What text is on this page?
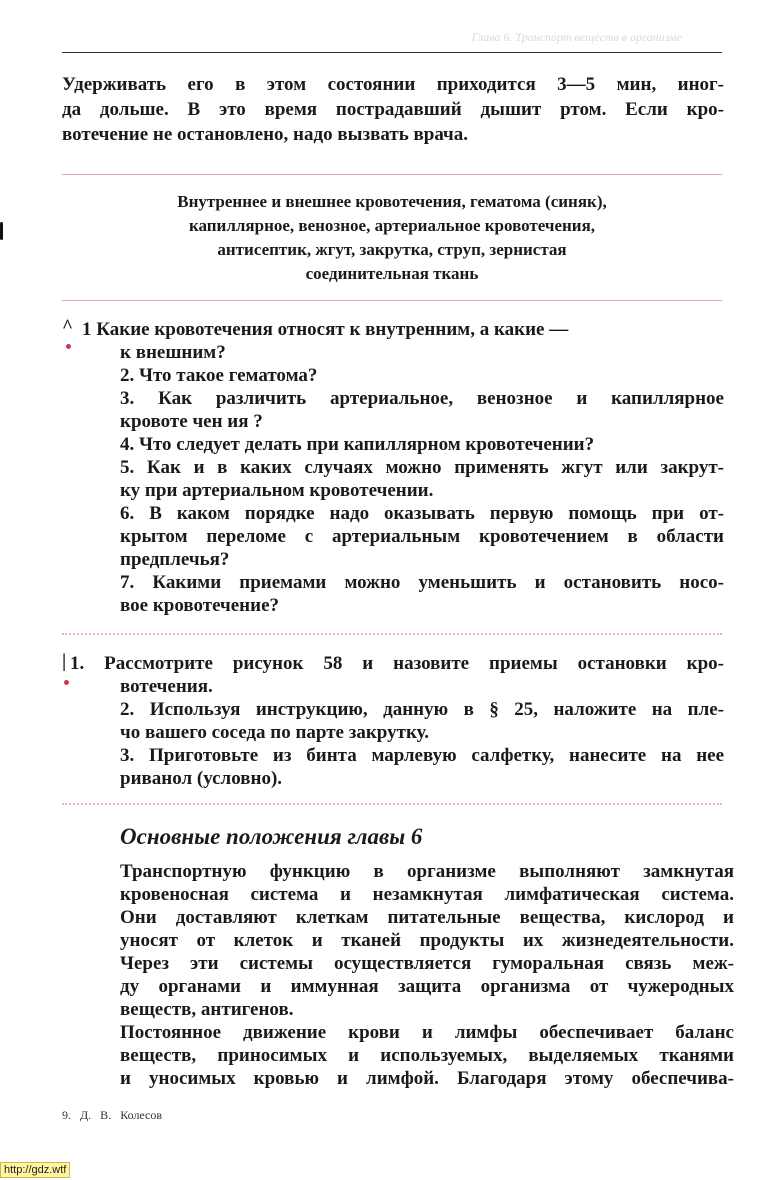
Глава 6. Транспорт веществ в организме
Удерживать его в этом состоянии приходится 3—5 мин, иног-
да дольше. В это время пострадавший дышит ртом. Если кро-
вотечение не остановлено, надо вызвать врача.
Внутреннее и внешнее кровотечения, гематома (синяк),
капиллярное, венозное, артериальное кровотечения,
антисептик, жгут, закрутка, струп, зернистая
соединительная ткань
^ 1 Какие кровотечения относят к внутренним, а какие —
к внешним?
2. Что такое гематома?
3. Как различить артериальное, венозное и капиллярное
кровоте чен ия ?
4. Что следует делать при капиллярном кровотечении?
5. Как и в каких случаях можно применять жгут или закрут-
ку при артериальном кровотечении.
6. В каком порядке надо оказывать первую помощь при от-
крытом переломе с артериальным кровотечением в области
предплечья?
7. Какими приемами можно уменьшить и остановить носо-
вое кровотечение?
| 1. Рассмотрите рисунок 58 и назовите приемы остановки кро-
вотечения.
2. Используя инструкцию, данную в § 25, наложите на пле-
чо вашего соседа по парте закрутку.
3. Приготовьте из бинта марлевую салфетку, нанесите на нее
риванол (условно).
Основные положения главы 6

Транспортную функцию в организме выполняют замкнутая
кровеносная система и незамкнутая лимфатическая система.
Они доставляют клеткам питательные вещества, кислород и
уносят от клеток и тканей продукты их жизнедеятельности.
Через эти системы осуществляется гуморальная связь меж-
ду органами и иммунная защита организма от чужеродных
веществ, антигенов.

Постоянное движение крови и лимфы обеспечивает баланс
веществ, приносимых и используемых, выделяемых тканями
и уносимых кровью и лимфой. Благодаря этому обеспечива-

9. Д. В. Колесов
http://gdz.wtf
